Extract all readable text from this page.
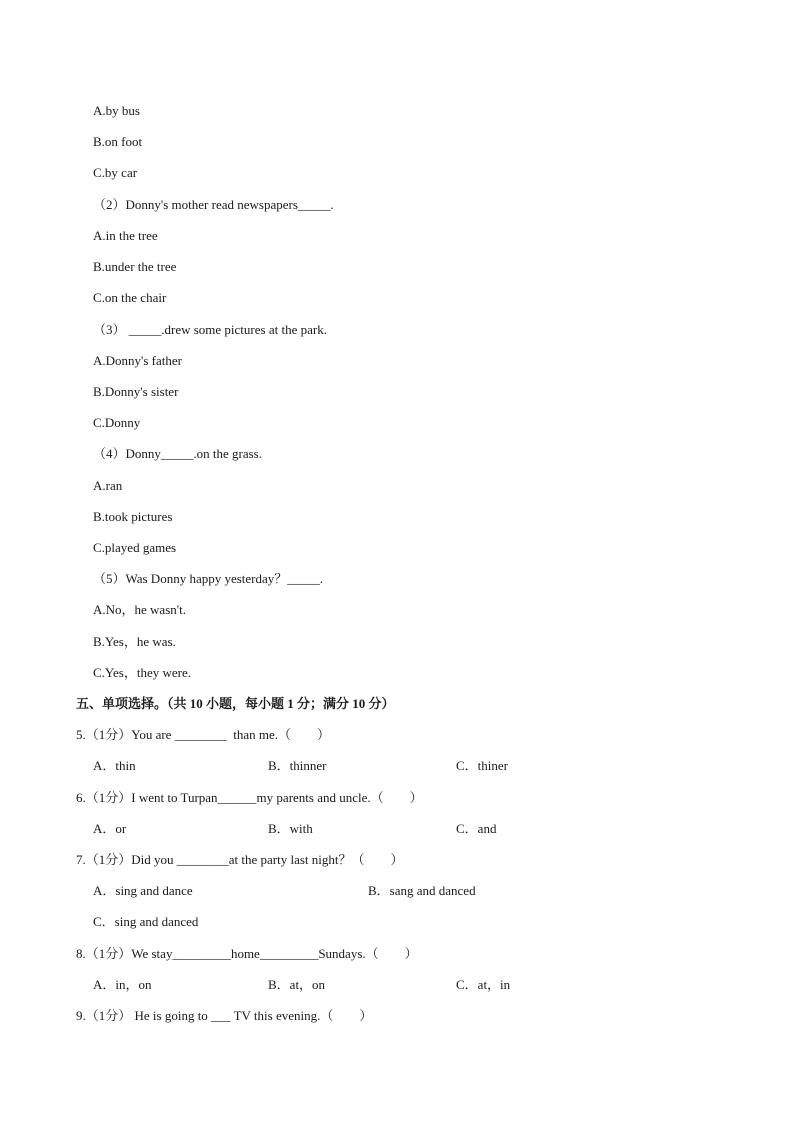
A.by bus
B.on foot
C.by car
（2）Donny's mother read newspapers_____.
A.in the tree
B.under the tree
C.on the chair
（3） _____.drew some pictures at the park.
A.Donny's father
B.Donny's sister
C.Donny
（4）Donny_____.on the grass.
A.ran
B.took pictures
C.played games
（5）Was Donny happy yesterday？_____.
A.No，he wasn't.
B.Yes，he was.
C.Yes，they were.
五、单项选择。（共 10 小题，每小题 1 分；满分 10 分）
5.（1分）You are ________  than me.（        ）
A．thin	B．thinner	C．thiner
6.（1分）I went to Turpan______my parents and uncle.（        ）
A．or	B．with	C．and
7.（1分）Did you ________at the party last night？（        ）
A．sing and dance	B．sang and danced
C．sing and danced
8.（1分）We stay_________home_________Sundays.（        ）
A．in，on	B．at，on	C．at，in
9.（1分） He is going to ___ TV this evening.（        ）
